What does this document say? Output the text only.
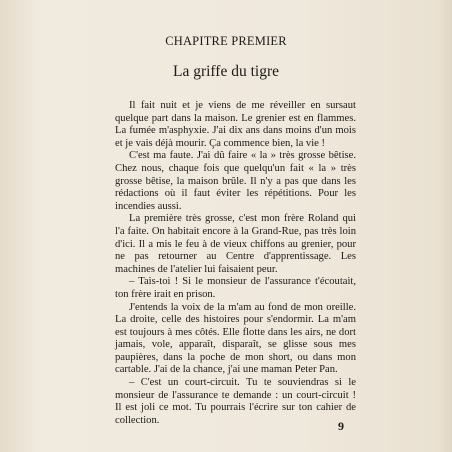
CHAPITRE PREMIER
La griffe du tigre

Il fait nuit et je viens de me réveiller en sursaut quelque part dans la maison. Le grenier est en flammes. La fumée m'asphyxie. J'ai dix ans dans moins d'un mois et je vais déjà mourir. Ça commence bien, la vie !

C'est ma faute. J'ai dû faire « la » très grosse bêtise. Chez nous, chaque fois que quelqu'un fait « la » très grosse bêtise, la maison brûle. Il n'y a pas que dans les rédactions où il faut éviter les répétitions. Pour les incendies aussi.

La première très grosse, c'est mon frère Roland qui l'a faite. On habitait encore à la Grand-Rue, pas très loin d'ici. Il a mis le feu à de vieux chiffons au grenier, pour ne pas retourner au Centre d'apprentissage. Les machines de l'atelier lui faisaient peur.

– Tais-toi ! Si le monsieur de l'assurance t'écoutait, ton frère irait en prison.

J'entends la voix de la m'am au fond de mon oreille. La droite, celle des histoires pour s'endormir. La m'am est toujours à mes côtés. Elle flotte dans les airs, ne dort jamais, vole, apparaît, disparaît, se glisse sous mes paupières, dans la poche de mon short, ou dans mon cartable. J'ai de la chance, j'ai une maman Peter Pan.

– C'est un court-circuit. Tu te souviendras si le monsieur de l'assurance te demande : un court-circuit ! Il est joli ce mot. Tu pourrais l'écrire sur ton cahier de collection.	9
